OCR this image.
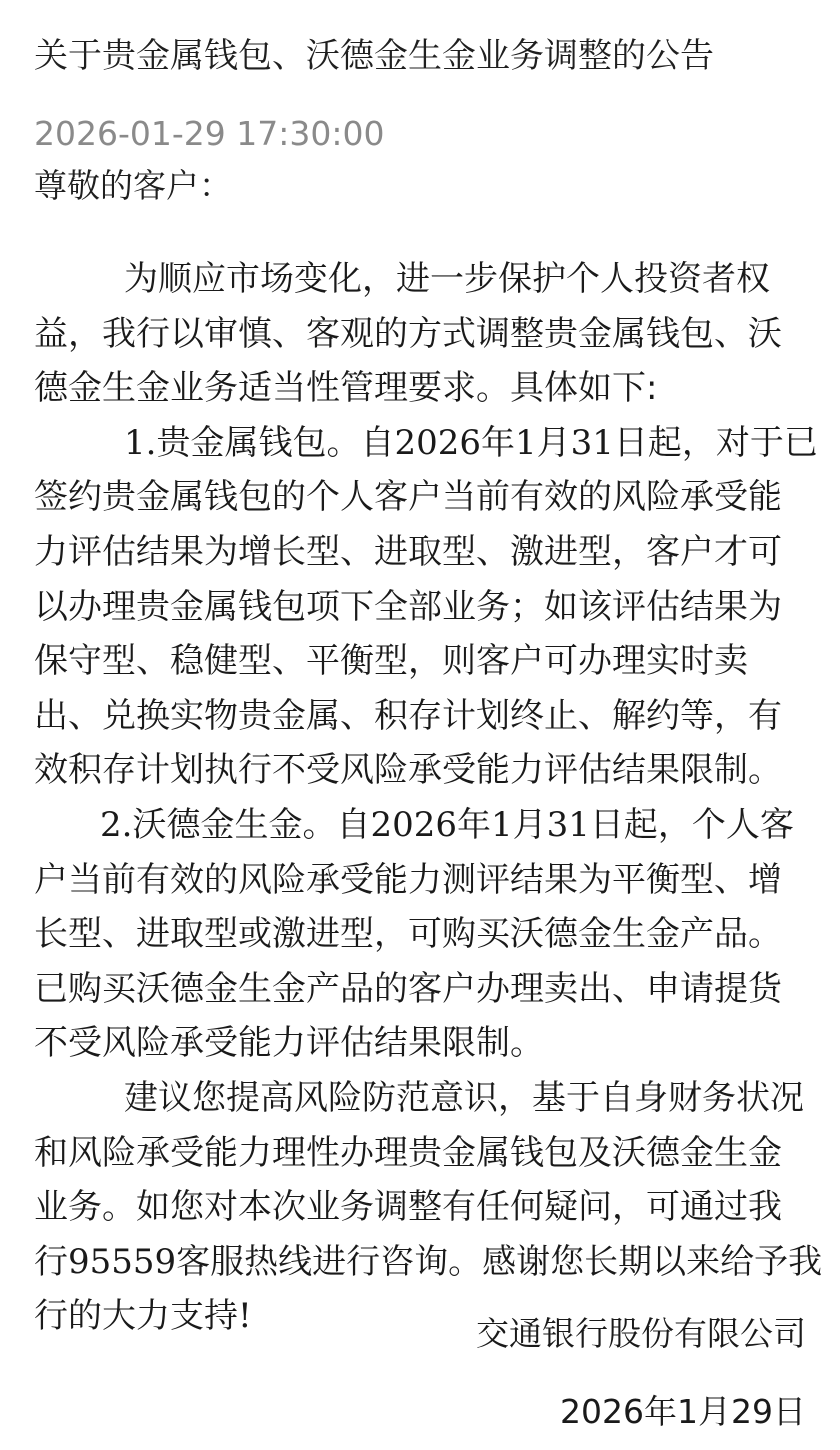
关于贵金属钱包、沃德金生金业务调整的公告
2026-01-29 17:30:00
尊敬的客户：
为顺应市场变化，进一步保护个人投资者权
益，我行以审慎、客观的方式调整贵金属钱包、沃
德金生金业务适当性管理要求。具体如下:
1.贵金属钱包。自2026年1月31日起，对于已
签约贵金属钱包的个人客户当前有效的风险承受能
力评估结果为增长型、进取型、激进型，客户才可
以办理贵金属钱包项下全部业务；如该评估结果为
保守型、稳健型、平衡型，则客户可办理实时卖
出、兑换实物贵金属、积存计划终止、解约等，有
效积存计划执行不受风险承受能力评估结果限制。
2.沃德金生金。自2026年1月31日起，个人客
户当前有效的风险承受能力测评结果为平衡型、增
长型、进取型或激进型，可购买沃德金生金产品。
已购买沃德金生金产品的客户办理卖出、申请提货
不受风险承受能力评估结果限制。
建议您提高风险防范意识，基于自身财务状况
和风险承受能力理性办理贵金属钱包及沃德金生金
业务。如您对本次业务调整有任何疑问，可通过我
行95559客服热线进行咨询。感谢您长期以来给予我
行的大力支持!	交通银行股份有限公司
2026年1月29日
